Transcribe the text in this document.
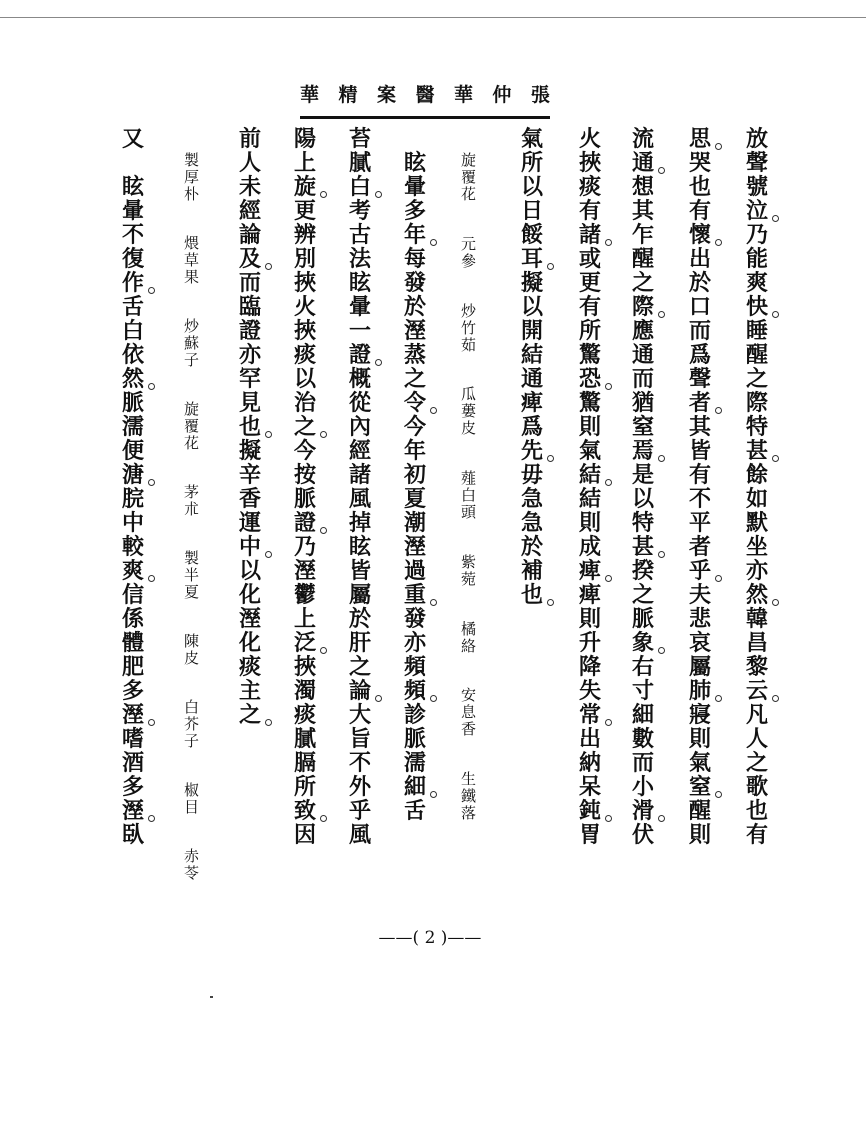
張
仲
華
醫
案
精
華
放
聲
號
泣
乃
能
爽
快
睡
醒
之
際
特
甚
餘
如
默
坐
亦
然
韓
昌
黎
云
凡
人
之
歌
也
有
思
哭
也
有
懷
出
於
口
而
爲
聲
者
其
皆
有
不
平
者
乎
夫
悲
哀
屬
肺
寢
則
氣
窒
醒
則
流
通
想
其
乍
醒
之
際
應
通
而
猶
窒
焉
是
以
特
甚
揆
之
脈
象
右
寸
細
數
而
小
滑
伏
火
挾
痰
有
諸
或
更
有
所
驚
恐
驚
則
氣
結
結
則
成
痺
痺
則
升
降
失
常
出
納
呆
鈍
胃
氣
所
以
日
餒
耳
擬
以
開
結
通
痺
爲
先
毋
急
急
於
補
也
旋覆花
元參
炒竹茹
瓜蔞皮
薤白頭
紫菀
橘絡
安息香
生鐵落
眩
暈
多
年
每
發
於
溼
蒸
之
令
今
年
初
夏
潮
溼
過
重
發
亦
頻
頻
診
脈
濡
細
舌
苔
膩
白
考
古
法
眩
暈
一
證
概
從
內
經
諸
風
掉
眩
皆
屬
於
肝
之
論
大
旨
不
外
乎
風
陽
上
旋
更
辨
別
挾
火
挾
痰
以
治
之
今
按
脈
證
乃
溼
鬱
上
泛
挾
濁
痰
膩
膈
所
致
因
前
人
未
經
論
及
而
臨
證
亦
罕
見
也
擬
辛
香
運
中
以
化
溼
化
痰
主
之
製厚朴
煨草果
炒蘇子
旋覆花
茅朮
製半夏
陳皮
白芥子
椒目
赤苓
又

眩
暈
不
復
作
舌
白
依
然
脈
濡
便
溏
脘
中
較
爽
信
係
體
肥
多
溼
嗜
酒
多
溼
臥
——( 2 )——
